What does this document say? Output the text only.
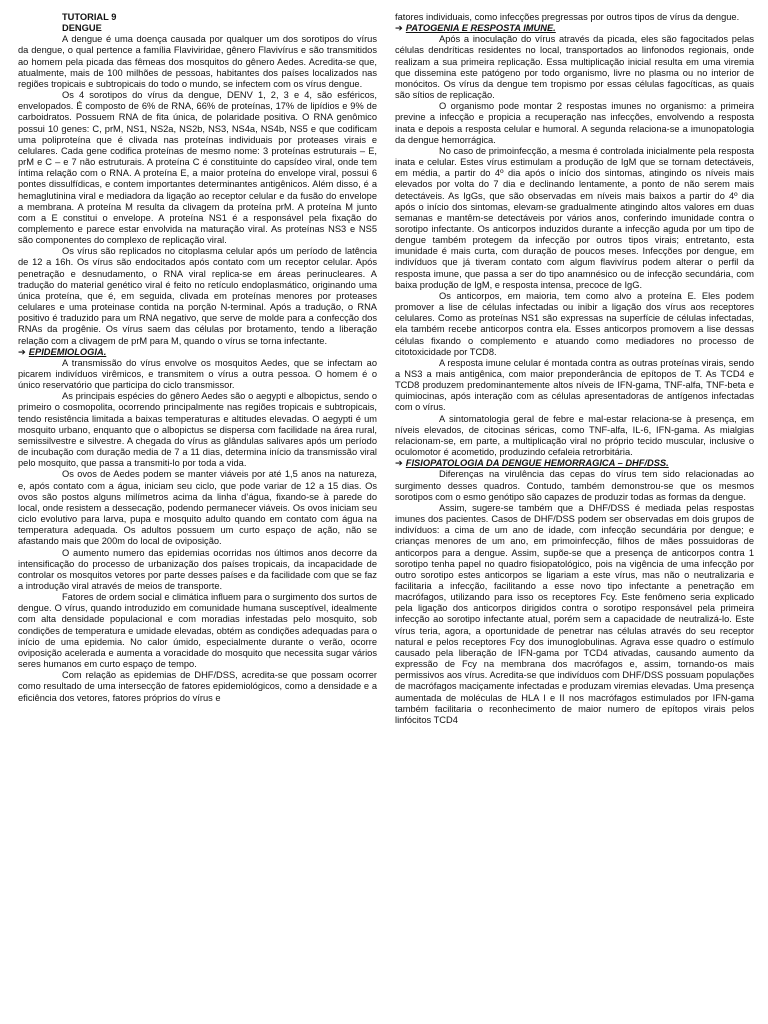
TUTORIAL 9

DENGUE

A dengue é uma doença causada por qualquer um dos sorotipos do vírus da dengue, o qual pertence a família Flaviviridae, gênero Flavivírus e são transmitidos ao homem pela picada das fêmeas dos mosquitos do gênero Aedes. Acredita-se que, atualmente, mais de 100 milhões de pessoas, habitantes dos países localizados nas regiões tropicais e subtropicais do todo o mundo, se infectem com os vírus dengue.

Os 4 sorotipos do vírus da dengue, DENV 1, 2, 3 e 4, são esféricos, envelopados. É composto de 6% de RNA, 66% de proteínas, 17% de lipídios e 9% de carboidratos. Possuem RNA de fita única, de polaridade positiva. O RNA genômico possui 10 genes: C, prM, NS1, NS2a, NS2b, NS3, NS4a, NS4b, NS5 e que codificam uma poliproteína que é clivada nas proteínas individuais por proteases virais e celulares. Cada gene codifica proteínas de mesmo nome: 3 proteínas estruturais – E, prM e C – e 7 não estruturais. A proteína C é constituinte do capsídeo viral, onde tem íntima relação com o RNA. A proteína E, a maior proteína do envelope viral, possui 6 pontes dissulfídicas, e contem importantes determinantes antigênicos. Além disso, é a hemaglutinina viral e mediadora da ligação ao receptor celular e da fusão do envelope a membrana. A proteína M resulta da clivagem da proteína prM. A proteína M junto com a E constitui o envelope. A proteína NS1 é a responsável pela fixação do complemento e parece estar envolvida na maturação viral. As proteínas NS3 e NS5 são componentes do complexo de replicação viral.

Os vírus são replicados no citoplasma celular após um período de latência de 12 a 16h. Os vírus são endocitados após contato com um receptor celular. Após penetração e desnudamento, o RNA viral replica-se em áreas perinucleares. A tradução do material genético viral é feito no retículo endoplasmático, originando uma única proteína, que é, em seguida, clivada em proteínas menores por proteases celulares e uma proteinase contida na porção N-terminal. Após a tradução, o RNA positivo é traduzido para um RNA negativo, que serve de molde para a confecção dos RNAs da progênie. Os vírus saem das células por brotamento, tendo a liberação relação com a clivagem de prM para M, quando o vírus se torna infectante.

➔ EPIDEMIOLOGIA.

A transmissão do vírus envolve os mosquitos Aedes, que se infectam ao picarem indivíduos virêmicos, e transmitem o vírus a outra pessoa. O homem é o único reservatório que participa do ciclo transmissor.

As principais espécies do gênero Aedes são o aegypti e albopictus, sendo o primeiro o cosmopolita, ocorrendo principalmente nas regiões tropicais e subtropicais, tendo resistência limitada a baixas temperaturas e altitudes elevadas. O aegypti é um mosquito urbano, enquanto que o albopictus se dispersa com facilidade na área rural, semissilvestre e silvestre. A chegada do vírus as glândulas salivares após um período de incubação com duração media de 7 a 11 dias, determina início da transmissão viral pelo mosquito, que passa a transmiti-lo por toda a vida.

Os ovos de Aedes podem se manter viáveis por até 1,5 anos na natureza, e, após contato com a água, iniciam seu ciclo, que pode variar de 12 a 15 dias. Os ovos são postos alguns milímetros acima da linha d’água, fixando-se à parede do local, onde resistem a dessecação, podendo permanecer viáveis. Os ovos iniciam seu ciclo evolutivo para larva, pupa e mosquito adulto quando em contato com água na temperatura adequada. Os adultos possuem um curto espaço de ação, não se afastando mais que 200m do local de oviposição.

O aumento numero das epidemias ocorridas nos últimos anos decorre da intensificação do processo de urbanização dos países tropicais, da incapacidade de controlar os mosquitos vetores por parte desses países e da facilidade com que se faz a introdução viral através de meios de transporte.

Fatores de ordem social e climática influem para o surgimento dos surtos de dengue. O vírus, quando introduzido em comunidade humana susceptível, idealmente com alta densidade populacional e com moradias infestadas pelo mosquito, sob condições de temperatura e umidade elevadas, obtém as condições adequadas para o início de uma epidemia. No calor úmido, especialmente durante o verão, ocorre oviposição acelerada e aumenta a voracidade do mosquito que necessita sugar vários seres humanos em curto espaço de tempo.

Com relação as epidemias de DHF/DSS, acredita-se que possam ocorrer como resultado de uma intersecção de fatores epidemiológicos, como a densidade e a eficiência dos vetores, fatores próprios do vírus e

fatores individuais, como infecções pregressas por outros tipos de vírus da dengue.

➔ PATOGENIA E RESPOSTA IMUNE.

Após a inoculação do vírus através da picada, eles são fagocitados pelas células dendríticas residentes no local, transportados ao linfonodos regionais, onde realizam a sua primeira replicação. Essa multiplicação inicial resulta em uma viremia que dissemina este patógeno por todo organismo, livre no plasma ou no interior de monócitos. Os vírus da dengue tem tropismo por essas células fagocíticas, as quais são sítios de replicação.

O organismo pode montar 2 respostas imunes no organismo: a primeira previne a infecção e propicia a recuperação nas infecções, envolvendo a resposta inata e depois a resposta celular e humoral. A segunda relaciona-se a imunopatologia da dengue hemorrágica.

No caso de primoinfecção, a mesma é controlada inicialmente pela resposta inata e celular. Estes vírus estimulam a produção de IgM que se tornam detectáveis, em média, a partir do 4º dia após o início dos sintomas, atingindo os níveis mais elevados por volta do 7 dia e declinando lentamente, a ponto de não serem mais detectáveis. As IgGs, que são observadas em níveis mais baixos a partir do 4º dia após o início dos sintomas, elevam-se gradualmente atingindo altos valores em duas semanas e mantêm-se detectáveis por vários anos, conferindo imunidade contra o sorotipo infectante. Os anticorpos induzidos durante a infecção aguda por um tipo de dengue também protegem da infecção por outros tipos virais; entretanto, esta imunidade é mais curta, com duração de poucos meses. Infecções por dengue, em indivíduos que já tiveram contato com algum flavivírus podem alterar o perfil da resposta imune, que passa a ser do tipo anamnésico ou de infecção secundária, com baixa produção de IgM, e resposta intensa, precoce de IgG.

Os anticorpos, em maioria, tem como alvo a proteína E. Eles podem promover a lise de células infectadas ou inibir a ligação dos vírus aos receptores celulares. Como as proteínas NS1 são expressas na superfície de células infectadas, ela também recebe anticorpos contra ela. Esses anticorpos promovem a lise dessas células fixando o complemento e atuando como mediadores no processo de citotoxicidade por TCD8.

A resposta imune celular é montada contra as outras proteínas virais, sendo a NS3 a mais antigênica, com maior preponderância de epítopos de T. As TCD4 e TCD8 produzem predominantemente altos níveis de IFN-gama, TNF-alfa, TNF-beta e quimiocinas, após interação com as células apresentadoras de antígenos infectadas com o vírus.

A sintomatologia geral de febre e mal-estar relaciona-se à presença, em níveis elevados, de citocinas séricas, como TNF-alfa, IL-6, IFN-gama. As mialgias relacionam-se, em parte, a multiplicação viral no próprio tecido muscular, inclusive o oculomotor é acometido, produzindo cefaleia retrorbitária.

➔ FISIOPATOLOGIA DA DENGUE HEMORRAGICA – DHF/DSS.

Diferenças na virulência das cepas do vírus tem sido relacionadas ao surgimento desses quadros. Contudo, também demonstrou-se que os mesmos sorotipos com o esmo genótipo são capazes de produzir todas as formas da dengue.

Assim, sugere-se também que a DHF/DSS é mediada pelas respostas imunes dos pacientes. Casos de DHF/DSS podem ser observadas em dois grupos de indivíduos: a cima de um ano de idade, com infecção secundária por dengue; e crianças menores de um ano, em primoinfecção, filhos de mães possuidoras de anticorpos para a dengue. Assim, supõe-se que a presença de anticorpos contra 1 sorotipo tenha papel no quadro fisiopatológico, pois na vigência de uma infecção por outro sorotipo estes anticorpos se ligariam a este vírus, mas não o neutralizaria e facilitaria a infecção, facilitando a esse novo tipo infectante a penetração em macrófagos, utilizando para isso os receptores Fcy. Este fenômeno seria explicado pela ligação dos anticorpos dirigidos contra o sorotipo responsável pela primeira infecção ao sorotipo infectante atual, porém sem a capacidade de neutralizá-lo. Este vírus teria, agora, a oportunidade de penetrar nas células através do seu receptor natural e pelos receptores Fcy dos imunoglobulinas. Agrava esse quadro o estímulo causado pela liberação de IFN-gama por TCD4 ativadas, causando aumento da expressão de Fcy na membrana dos macrófagos e, assim, tornando-os mais permissivos aos vírus. Acredita-se que indivíduos com DHF/DSS possuam populações de macrófagos maciçamente infectadas e produzam viremias elevadas. Uma presença aumentada de moléculas de HLA I e II nos macrófagos estimulados por IFN-gama também facilitaria o reconhecimento de maior numero de epítopos virais pelos linfócitos TCD4
